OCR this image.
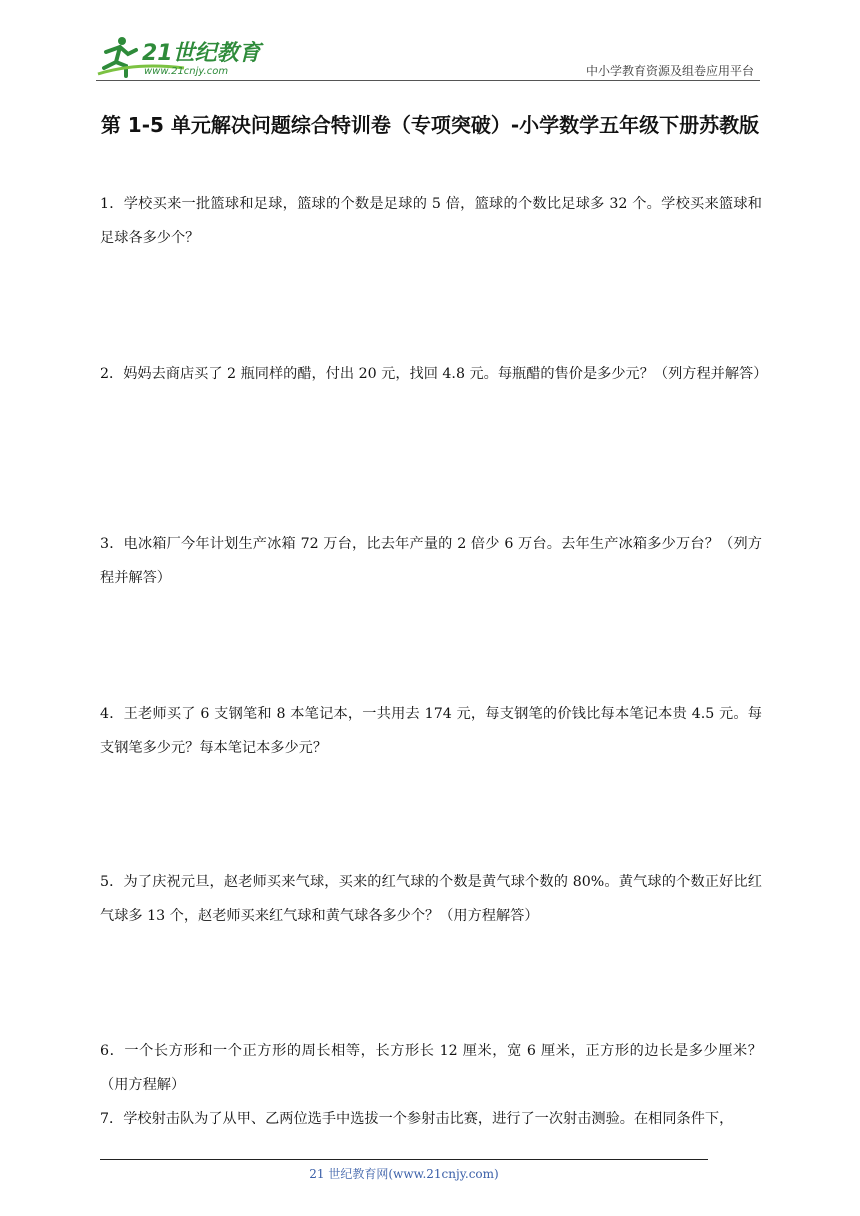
21世纪教育
www.21cnjy.com	中小学教育资源及组卷应用平台
第 1-5 单元解决问题综合特训卷（专项突破）-小学数学五年级下册苏教版
1．学校买来一批篮球和足球，篮球的个数是足球的 5 倍，篮球的个数比足球多 32 个。学校买来篮球和足球各多少个？
2．妈妈去商店买了 2 瓶同样的醋，付出 20 元，找回 4.8 元。每瓶醋的售价是多少元？（列方程并解答）
3．电冰箱厂今年计划生产冰箱 72 万台，比去年产量的 2 倍少 6 万台。去年生产冰箱多少万台？（列方程并解答）
4．王老师买了 6 支钢笔和 8 本笔记本，一共用去 174 元，每支钢笔的价钱比每本笔记本贵 4.5 元。每支钢笔多少元？每本笔记本多少元？
5．为了庆祝元旦，赵老师买来气球，买来的红气球的个数是黄气球个数的 80%。黄气球的个数正好比红气球多 13 个，赵老师买来红气球和黄气球各多少个？（用方程解答）
6．一个长方形和一个正方形的周长相等，长方形长 12 厘米，宽 6 厘米，正方形的边长是多少厘米？（用方程解）
7．学校射击队为了从甲、乙两位选手中选拔一个参射击比赛，进行了一次射击测验。在相同条件下，
21 世纪教育网(www.21cnjy.com)
